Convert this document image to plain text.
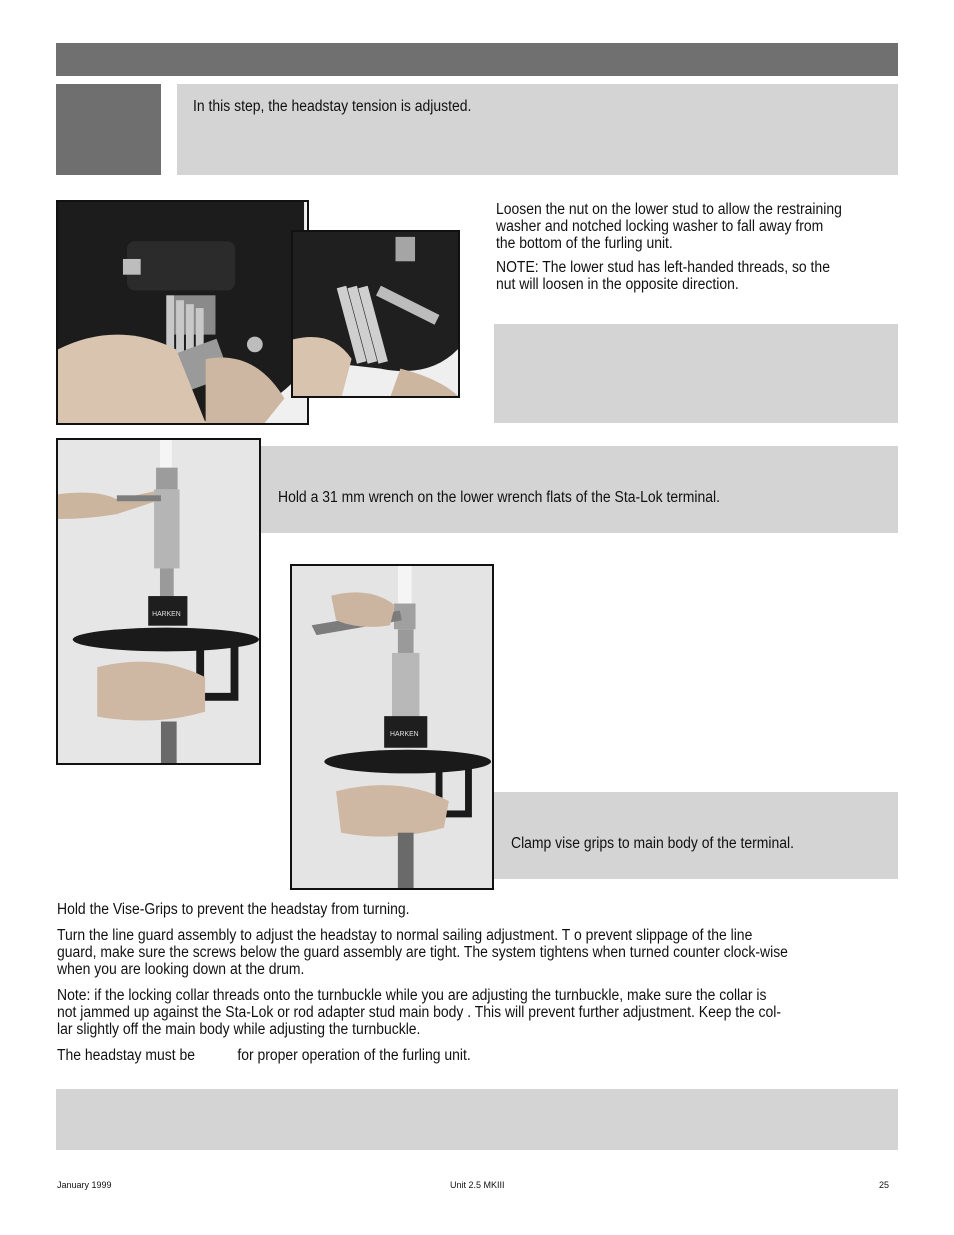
In this step, the headstay tension is adjusted.
Loosen the nut on the lower stud to allow the restraining
washer and notched locking washer to fall away from
the bottom of the furling unit.
NOTE: The lower stud has left-handed threads, so the
nut will loosen in the opposite direction.
HARKEN
Hold a 31 mm wrench on the lower wrench flats of the Sta-Lok terminal.
HARKEN
Clamp vise grips to main body of the terminal.
Hold the Vise-Grips to prevent the headstay from turning.
Turn the line guard assembly to adjust the headstay to normal sailing adjustment. T o prevent slippage of the line
guard, make sure the screws below the guard assembly are tight. The system tightens when turned counter clock-wise
when you are looking down at the drum.
Note: if the locking collar threads onto the turnbuckle while you are adjusting the turnbuckle, make sure the collar is
not jammed up against the Sta-Lok or rod adapter stud main body . This will prevent further adjustment. Keep the col-
lar slightly off the main body while adjusting the turnbuckle.
The headstay must be	for proper operation of the furling unit.
January 1999	Unit 2.5 MKIII	25
